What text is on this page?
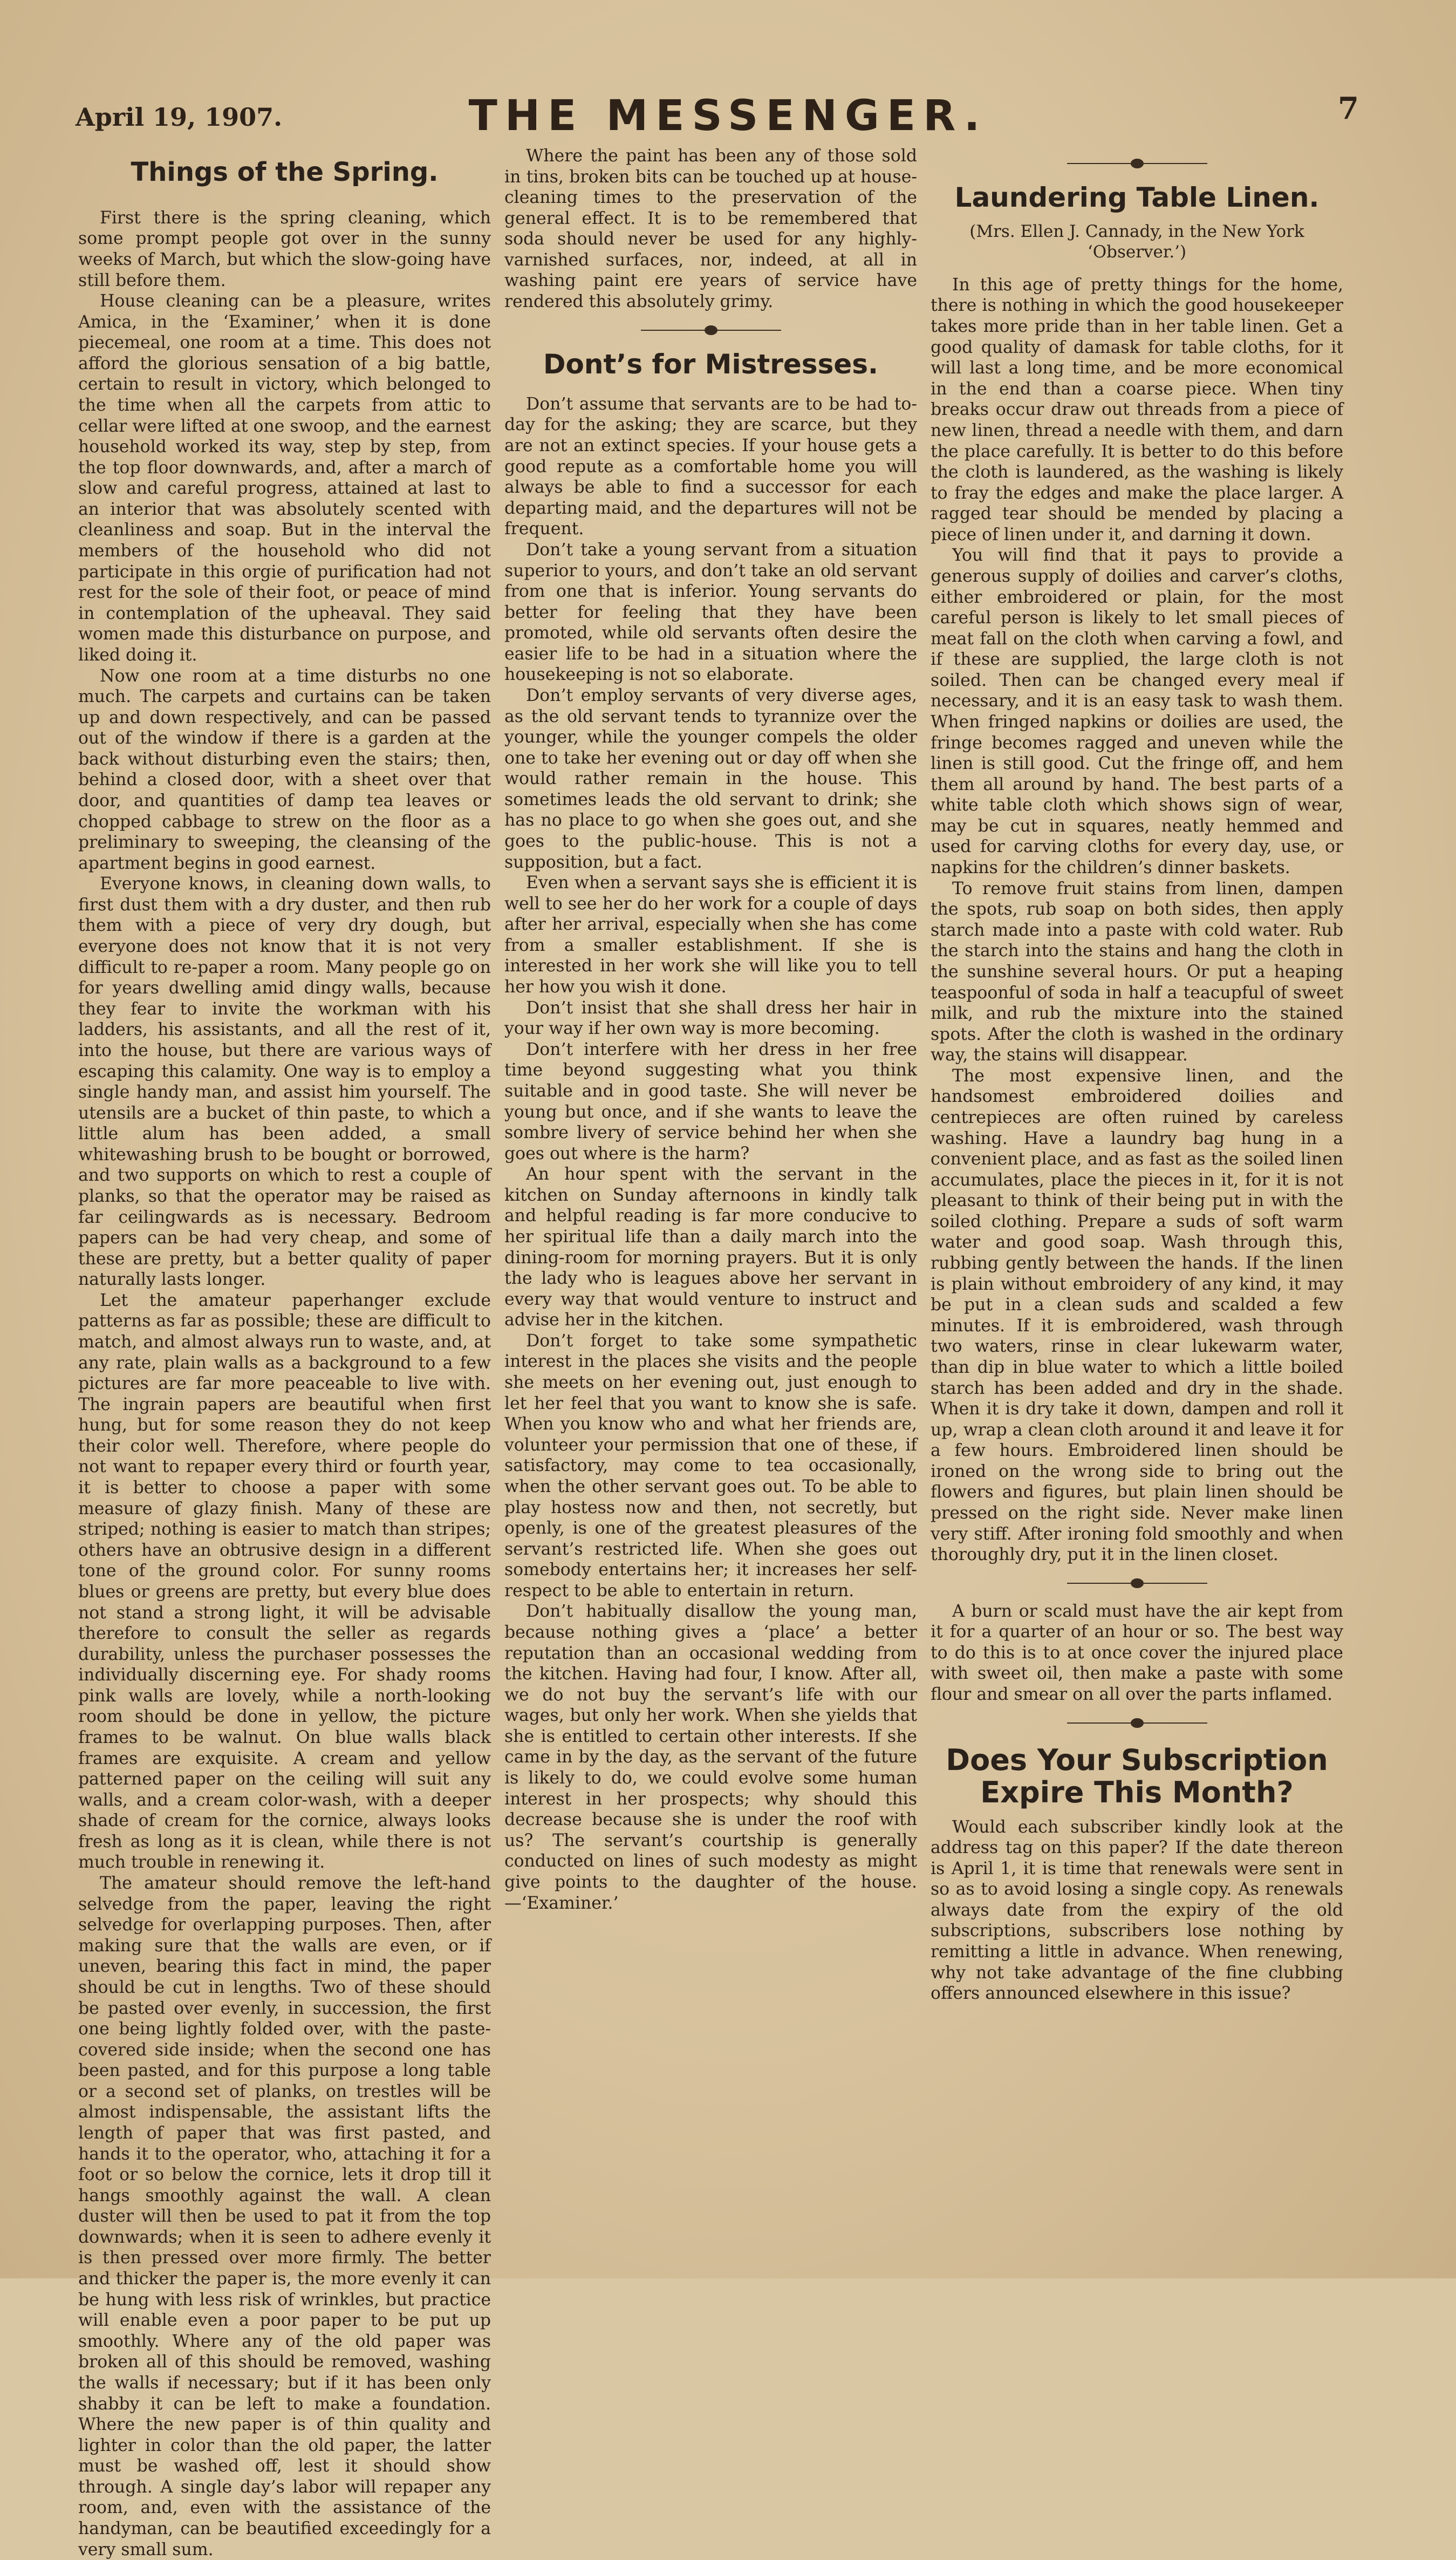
April 19, 1907.	THE MESSENGER.	7
Things of the Spring.

First there is the spring cleaning, which some prompt people got over in the sunny weeks of March, but which the slow-going have still before them.

House cleaning can be a pleasure, writes Amica, in the ‘Examiner,’ when it is done piecemeal, one room at a time. This does not afford the glorious sensation of a big battle, certain to result in victory, which belonged to the time when all the carpets from attic to cellar were lifted at one swoop, and the earnest household worked its way, step by step, from the top floor downwards, and, after a march of slow and careful progress, attained at last to an interior that was absolutely scented with cleanliness and soap. But in the interval the members of the household who did not participate in this orgie of purification had not rest for the sole of their foot, or peace of mind in contemplation of the upheaval. They said women made this disturbance on purpose, and liked doing it.

Now one room at a time disturbs no one much. The carpets and curtains can be taken up and down respectively, and can be passed out of the window if there is a garden at the back without disturbing even the stairs; then, behind a closed door, with a sheet over that door, and quantities of damp tea leaves or chopped cabbage to strew on the floor as a preliminary to sweeping, the cleansing of the apartment begins in good earnest.

Everyone knows, in cleaning down walls, to first dust them with a dry duster, and then rub them with a piece of very dry dough, but everyone does not know that it is not very difficult to re-paper a room. Many people go on for years dwelling amid dingy walls, because they fear to invite the workman with his ladders, his assistants, and all the rest of it, into the house, but there are various ways of escaping this calamity. One way is to employ a single handy man, and assist him yourself. The utensils are a bucket of thin paste, to which a little alum has been added, a small whitewashing brush to be bought or borrowed, and two supports on which to rest a couple of planks, so that the operator may be raised as far ceilingwards as is necessary. Bedroom papers can be had very cheap, and some of these are pretty, but a better quality of paper naturally lasts longer.

Let the amateur paperhanger exclude patterns as far as possible; these are difficult to match, and almost always run to waste, and, at any rate, plain walls as a background to a few pictures are far more peaceable to live with. The ingrain papers are beautiful when first hung, but for some reason they do not keep their color well. Therefore, where people do not want to repaper every third or fourth year, it is better to choose a paper with some measure of glazy finish. Many of these are striped; nothing is easier to match than stripes; others have an obtrusive design in a different tone of the ground color. For sunny rooms blues or greens are pretty, but every blue does not stand a strong light, it will be advisable therefore to consult the seller as regards durability, unless the purchaser possesses the individually discerning eye. For shady rooms pink walls are lovely, while a north-looking room should be done in yellow, the picture frames to be walnut. On blue walls black frames are exquisite. A cream and yellow patterned paper on the ceiling will suit any walls, and a cream color-wash, with a deeper shade of cream for the cornice, always looks fresh as long as it is clean, while there is not much trouble in renewing it.

The amateur should remove the left-hand selvedge from the paper, leaving the right selvedge for overlapping purposes. Then, after making sure that the walls are even, or if uneven, bearing this fact in mind, the paper should be cut in lengths. Two of these should be pasted over evenly, in succession, the first one being lightly folded over, with the paste-covered side inside; when the second one has been pasted, and for this purpose a long table or a second set of planks, on trestles will be almost indispensable, the assistant lifts the length of paper that was first pasted, and hands it to the operator, who, attaching it for a foot or so below the cornice, lets it drop till it hangs smoothly against the wall. A clean duster will then be used to pat it from the top downwards; when it is seen to adhere evenly it is then pressed over more firmly. The better and thicker the paper is, the more evenly it can be hung with less risk of wrinkles, but practice will enable even a poor paper to be put up smoothly. Where any of the old paper was broken all of this should be removed, washing the walls if necessary; but if it has been only shabby it can be left to make a foundation. Where the new paper is of thin quality and lighter in color than the old paper, the latter must be washed off, lest it should show through. A single day’s labor will repaper any room, and, even with the assistance of the handyman, can be beautified exceedingly for a very small sum.

Where the paint has been any of those sold in tins, broken bits can be touched up at house-cleaning times to the preservation of the general effect. It is to be remembered that soda should never be used for any highly-varnished surfaces, nor, indeed, at all in washing paint ere years of service have rendered this absolutely grimy.

Dont’s for Mistresses.

Don’t assume that servants are to be had to-day for the asking; they are scarce, but they are not an extinct species. If your house gets a good repute as a comfortable home you will always be able to find a successor for each departing maid, and the departures will not be frequent.

Don’t take a young servant from a situation superior to yours, and don’t take an old servant from one that is inferior. Young servants do better for feeling that they have been promoted, while old servants often desire the easier life to be had in a situation where the housekeeping is not so elaborate.

Don’t employ servants of very diverse ages, as the old servant tends to tyrannize over the younger, while the younger compels the older one to take her evening out or day off when she would rather remain in the house. This sometimes leads the old servant to drink; she has no place to go when she goes out, and she goes to the public-house. This is not a supposition, but a fact.

Even when a servant says she is efficient it is well to see her do her work for a couple of days after her arrival, especially when she has come from a smaller establishment. If she is interested in her work she will like you to tell her how you wish it done.

Don’t insist that she shall dress her hair in your way if her own way is more becoming.

Don’t interfere with her dress in her free time beyond suggesting what you think suitable and in good taste. She will never be young but once, and if she wants to leave the sombre livery of service behind her when she goes out where is the harm?

An hour spent with the servant in the kitchen on Sunday afternoons in kindly talk and helpful reading is far more conducive to her spiritual life than a daily march into the dining-room for morning prayers. But it is only the lady who is leagues above her servant in every way that would venture to instruct and advise her in the kitchen.

Don’t forget to take some sympathetic interest in the places she visits and the people she meets on her evening out, just enough to let her feel that you want to know she is safe. When you know who and what her friends are, volunteer your permission that one of these, if satisfactory, may come to tea occasionally, when the other servant goes out. To be able to play hostess now and then, not secretly, but openly, is one of the greatest pleasures of the servant’s restricted life. When she goes out somebody entertains her; it increases her self-respect to be able to entertain in return.

Don’t habitually disallow the young man, because nothing gives a ‘place’ a better reputation than an occasional wedding from the kitchen. Having had four, I know. After all, we do not buy the servant’s life with our wages, but only her work. When she yields that she is entitled to certain other interests. If she came in by the day, as the servant of the future is likely to do, we could evolve some human interest in her prospects; why should this decrease because she is under the roof with us? The servant’s courtship is generally conducted on lines of such modesty as might give points to the daughter of the house.—‘Examiner.’

Laundering Table Linen.
(Mrs. Ellen J. Cannady, in the New York ‘Observer.’)

In this age of pretty things for the home, there is nothing in which the good housekeeper takes more pride than in her table linen. Get a good quality of damask for table cloths, for it will last a long time, and be more economical in the end than a coarse piece. When tiny breaks occur draw out threads from a piece of new linen, thread a needle with them, and darn the place carefully. It is better to do this before the cloth is laundered, as the washing is likely to fray the edges and make the place larger. A ragged tear should be mended by placing a piece of linen under it, and darning it down.

You will find that it pays to provide a generous supply of doilies and carver’s cloths, either embroidered or plain, for the most careful person is likely to let small pieces of meat fall on the cloth when carving a fowl, and if these are supplied, the large cloth is not soiled. Then can be changed every meal if necessary, and it is an easy task to wash them. When fringed napkins or doilies are used, the fringe becomes ragged and uneven while the linen is still good. Cut the fringe off, and hem them all around by hand. The best parts of a white table cloth which shows sign of wear, may be cut in squares, neatly hemmed and used for carving cloths for every day, use, or napkins for the children’s dinner baskets.

To remove fruit stains from linen, dampen the spots, rub soap on both sides, then apply starch made into a paste with cold water. Rub the starch into the stains and hang the cloth in the sunshine several hours. Or put a heaping teaspoonful of soda in half a teacupful of sweet milk, and rub the mixture into the stained spots. After the cloth is washed in the ordinary way, the stains will disappear.

The most expensive linen, and the handsomest embroidered doilies and centrepieces are often ruined by careless washing. Have a laundry bag hung in a convenient place, and as fast as the soiled linen accumulates, place the pieces in it, for it is not pleasant to think of their being put in with the soiled clothing. Prepare a suds of soft warm water and good soap. Wash through this, rubbing gently between the hands. If the linen is plain without embroidery of any kind, it may be put in a clean suds and scalded a few minutes. If it is embroidered, wash through two waters, rinse in clear lukewarm water, than dip in blue water to which a little boiled starch has been added and dry in the shade. When it is dry take it down, dampen and roll it up, wrap a clean cloth around it and leave it for a few hours. Embroidered linen should be ironed on the wrong side to bring out the flowers and figures, but plain linen should be pressed on the right side. Never make linen very stiff. After ironing fold smoothly and when thoroughly dry, put it in the linen closet.

A burn or scald must have the air kept from it for a quarter of an hour or so. The best way to do this is to at once cover the injured place with sweet oil, then make a paste with some flour and smear on all over the parts inflamed.

Does Your Subscription Expire This Month?

Would each subscriber kindly look at the address tag on this paper? If the date thereon is April 1, it is time that renewals were sent in so as to avoid losing a single copy. As renewals always date from the expiry of the old subscriptions, subscribers lose nothing by remitting a little in advance. When renewing, why not take advantage of the fine clubbing offers announced elsewhere in this issue?
